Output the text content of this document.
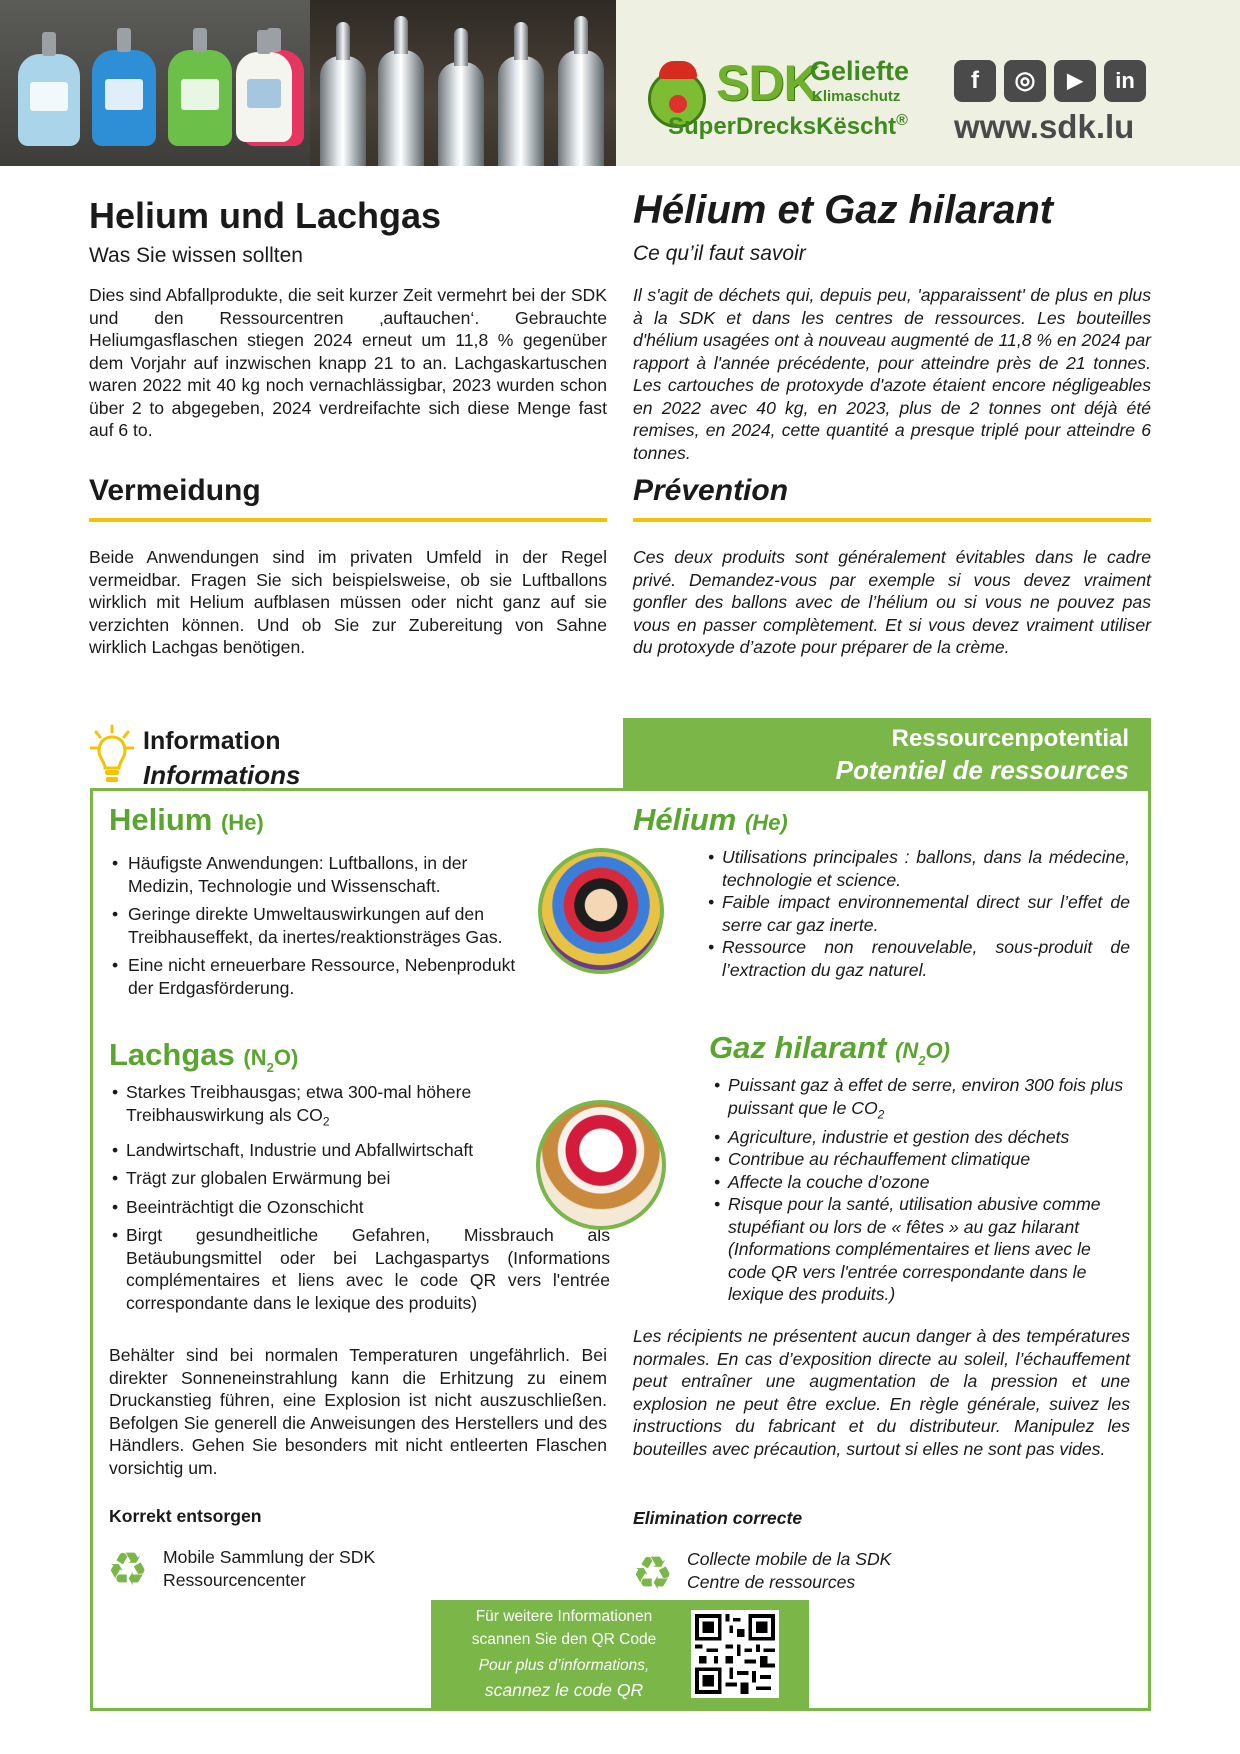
SDK
Geliefte
Klimaschutz
SuperDrecksKëscht®
f	◎	▶	in
www.sdk.lu
Helium und Lachgas
Was Sie wissen sollten
Dies sind Abfallprodukte, die seit kurzer Zeit vermehrt bei der SDK und den Ressourcentren ‚auftauchen‘. Gebrauchte Heliumgasflaschen stiegen 2024 erneut um 11,8 % gegenüber dem Vorjahr auf inzwischen knapp 21 to an. Lachgaskartuschen waren 2022 mit 40 kg noch vernachlässigbar, 2023 wurden schon über 2 to abgegeben, 2024 verdreifachte sich diese Menge fast auf 6 to.
Hélium et Gaz hilarant
Ce qu’il faut savoir
Il s'agit de déchets qui, depuis peu, 'apparaissent' de plus en plus à la SDK et dans les centres de ressources. Les bouteilles d'hélium usagées ont à nouveau augmenté de 11,8 % en 2024 par rapport à l'année précédente, pour atteindre près de 21 tonnes. Les cartouches de protoxyde d'azote étaient encore négligeables en 2022 avec 40 kg, en 2023, plus de 2 tonnes ont déjà été remises, en 2024, cette quantité a presque triplé pour atteindre 6 tonnes.
Vermeidung	Prévention
Beide Anwendungen sind im privaten Umfeld in der Regel vermeidbar. Fragen Sie sich beispielsweise, ob sie Luftballons wirklich mit Helium aufblasen müssen oder nicht ganz auf sie verzichten können. Und ob Sie zur Zubereitung von Sahne wirklich Lachgas benötigen.
Ces deux produits sont généralement évitables dans le cadre privé. Demandez-vous par exemple si vous devez vraiment gonfler des ballons avec de l’hélium ou si vous ne pouvez pas vous en passer complètement. Et si vous devez vraiment utiliser du protoxyde d’azote pour préparer de la crème.
Information
Informations
Ressourcenpotential
Potentiel de ressources
Helium (He)
• Häufigste Anwendungen: Luftballons, in der Medizin, Technologie und Wissenschaft.
• Geringe direkte Umweltauswirkungen auf den Treibhauseffekt, da inertes/reaktionsträges Gas.
• Eine nicht erneuerbare Ressource, Nebenprodukt der Erdgasförderung.
Hélium (He)
• Utilisations principales : ballons, dans la médecine, technologie et science.
• Faible impact environnemental direct sur l’effet de serre car gaz inerte.
• Ressource non renouvelable, sous-produit de l’extraction du gaz naturel.
Lachgas $(N_2O)$
• Starkes Treibhausgas; etwa 300-mal höhere Treibhauswirkung als $CO_2$
• Landwirtschaft, Industrie und Abfallwirtschaft
• Trägt zur globalen Erwärmung bei
• Beeinträchtigt die Ozonschicht
• Birgt gesundheitliche Gefahren, Missbrauch als Betäubungsmittel oder bei Lachgaspartys (Informations complémentaires et liens avec le code QR vers l'entrée correspondante dans le lexique des produits)
Gaz hilarant $(N_2O)$
• Puissant gaz à effet de serre, environ 300 fois plus puissant que le $CO_2$
• Agriculture, industrie et gestion des déchets
• Contribue au réchauffement climatique
• Affecte la couche d’ozone
• Risque pour la santé, utilisation abusive comme stupéfiant ou lors de « fêtes » au gaz hilarant (Informations complémentaires et liens avec le code QR vers l'entrée correspondante dans le lexique des produits.)
Behälter sind bei normalen Temperaturen ungefährlich. Bei direkter Sonneneinstrahlung kann die Erhitzung zu einem Druckanstieg führen, eine Explosion ist nicht auszuschließen. Befolgen Sie generell die Anweisungen des Herstellers und des Händlers. Gehen Sie besonders mit nicht entleerten Flaschen vorsichtig um.
Les récipients ne présentent aucun danger à des températures normales. En cas d’exposition directe au soleil, l’échauffement peut entraîner une augmentation de la pression et une explosion ne peut être exclue. En règle générale, suivez les instructions du fabricant et du distributeur. Manipulez les bouteilles avec précaution, surtout si elles ne sont pas vides.
Korrekt entsorgen	Elimination correcte
♻ Mobile Sammlung der SDK
Ressourcencenter	♻ Collecte mobile de la SDK
Centre de ressources
Für weitere Informationen
scannen Sie den QR Code
Pour plus d’informations,
scannez le code QR
